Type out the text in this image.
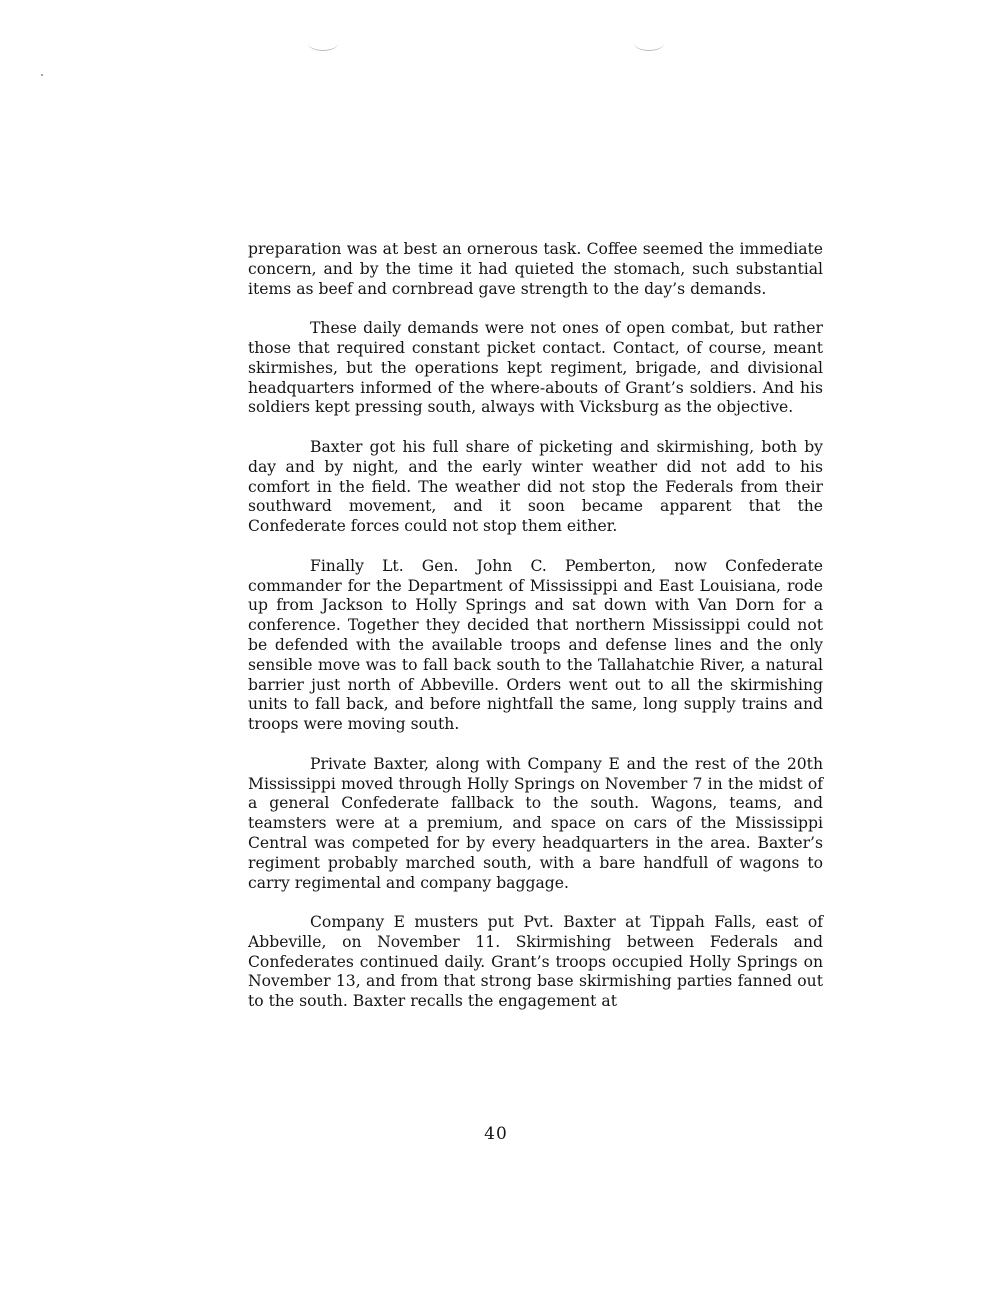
preparation was at best an ornerous task. Coffee seemed the immediate concern, and by the time it had quieted the stomach, such substantial items as beef and cornbread gave strength to the day’s demands.

These daily demands were not ones of open combat, but rather those that required constant picket contact. Contact, of course, meant skirmishes, but the operations kept regiment, brigade, and divisional headquarters informed of the where-abouts of Grant’s soldiers. And his soldiers kept pressing south, always with Vicksburg as the objective.

Baxter got his full share of picketing and skirmishing, both by day and by night, and the early winter weather did not add to his comfort in the field. The weather did not stop the Federals from their southward movement, and it soon became apparent that the Confederate forces could not stop them either.

Finally Lt. Gen. John C. Pemberton, now Confederate commander for the Department of Mississippi and East Louisiana, rode up from Jackson to Holly Springs and sat down with Van Dorn for a conference. Together they decided that northern Mississippi could not be defended with the available troops and defense lines and the only sensible move was to fall back south to the Tallahatchie River, a natural barrier just north of Abbeville. Orders went out to all the skirmishing units to fall back, and before nightfall the same, long supply trains and troops were moving south.

Private Baxter, along with Company E and the rest of the 20th Mississippi moved through Holly Springs on November 7 in the midst of a general Confederate fallback to the south. Wagons, teams, and teamsters were at a premium, and space on cars of the Mississippi Central was competed for by every headquarters in the area. Baxter’s regiment probably marched south, with a bare handfull of wagons to carry regimental and company baggage.

Company E musters put Pvt. Baxter at Tippah Falls, east of Abbeville, on November 11. Skirmishing between Federals and Confederates continued daily. Grant’s troops occupied Holly Springs on November 13, and from that strong base skirmishing parties fanned out to the south. Baxter recalls the engagement at

40
